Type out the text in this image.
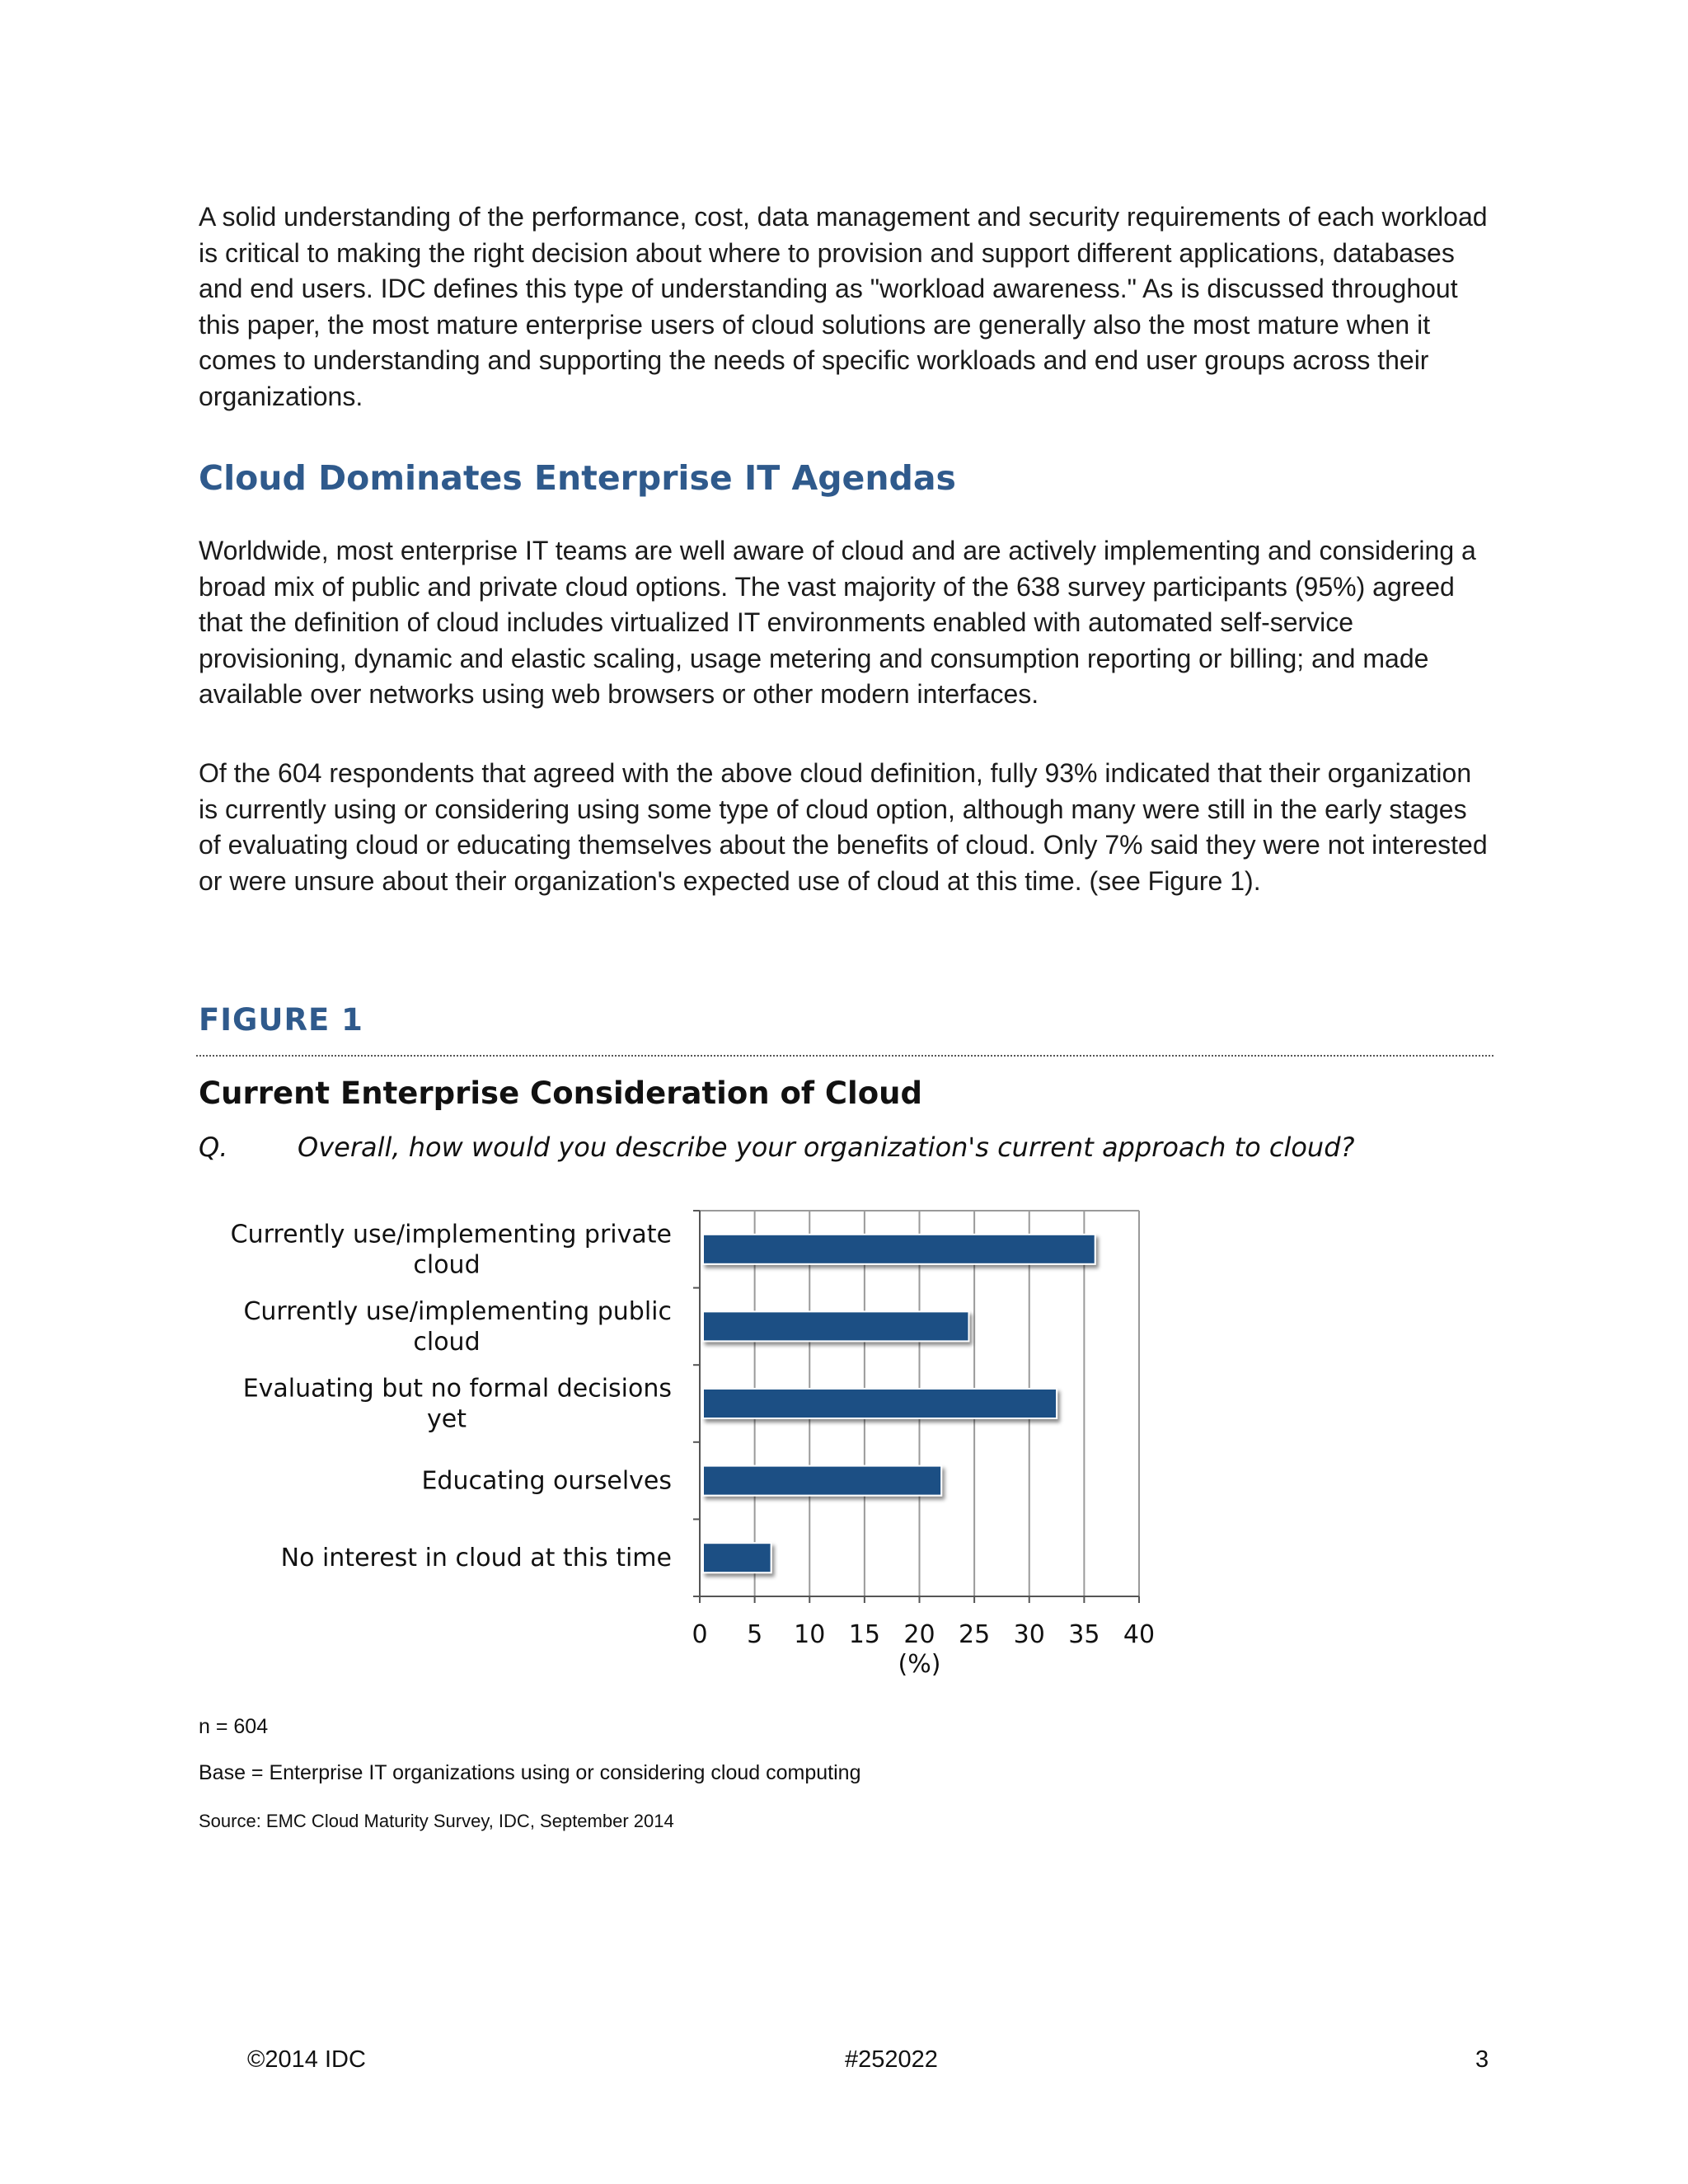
A solid understanding of the performance, cost, data management and security requirements of each workload is critical to making the right decision about where to provision and support different applications, databases and end users. IDC defines this type of understanding as "workload awareness." As is discussed throughout this paper, the most mature enterprise users of cloud solutions are generally also the most mature when it comes to understanding and supporting the needs of specific workloads and end user groups across their organizations.

Cloud Dominates Enterprise IT Agendas

Worldwide, most enterprise IT teams are well aware of cloud and are actively implementing and considering a broad mix of public and private cloud options. The vast majority of the 638 survey participants (95%) agreed that the definition of cloud includes virtualized IT environments enabled with automated self-service provisioning, dynamic and elastic scaling, usage metering and consumption reporting or billing; and made available over networks using web browsers or other modern interfaces.

Of the 604 respondents that agreed with the above cloud definition, fully 93% indicated that their organization is currently using or considering using some type of cloud option, although many were still in the early stages of evaluating cloud or educating themselves about the benefits of cloud. Only 7% said they were not interested or were unsure about their organization's expected use of cloud at this time. (see Figure 1).

FIGURE 1
Current Enterprise Consideration of Cloud
Q.	Overall, how would you describe your organization's current approach to cloud?
0 5 10 15 20 25 30 35 40
(%)
Currently use/implementing private
cloud
Currently use/implementing public
cloud
Evaluating but no formal decisions
yet
Educating ourselves
No interest in cloud at this time

n = 604

Base = Enterprise IT organizations using or considering cloud computing

Source: EMC Cloud Maturity Survey, IDC, September 2014

©2014 IDC	#252022	3
